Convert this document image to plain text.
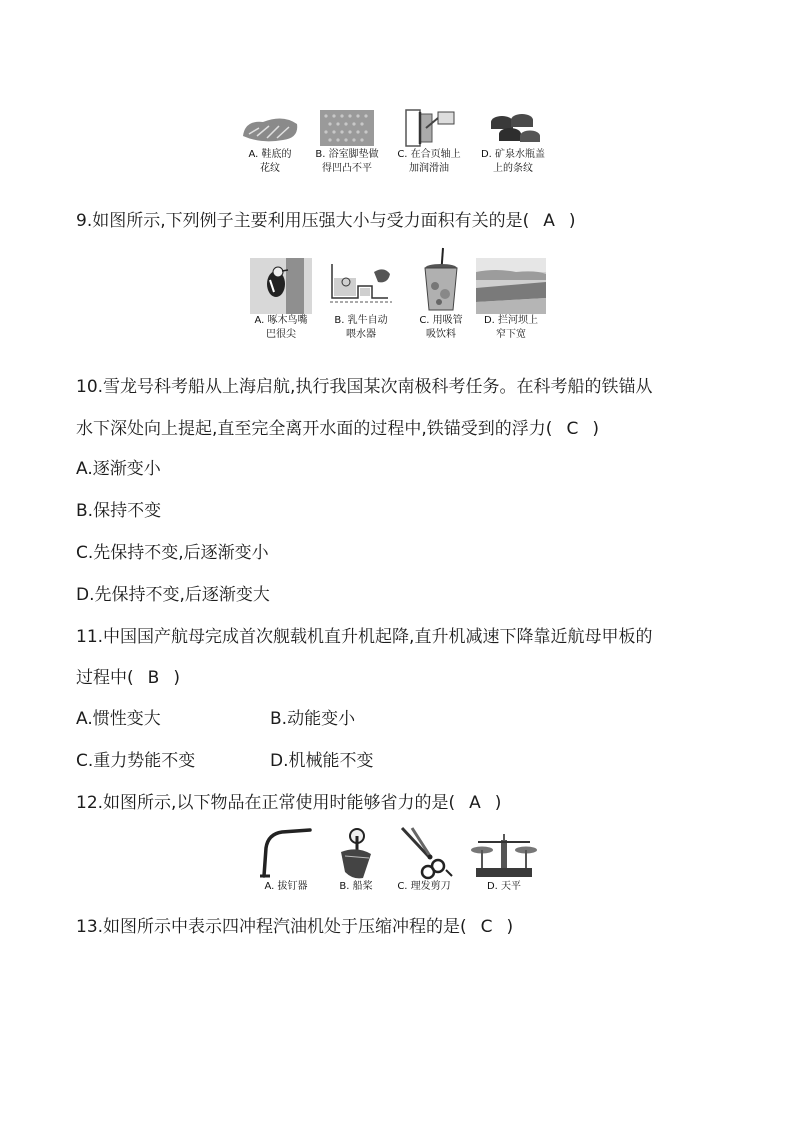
A. 鞋底的
花纹
B. 浴室脚垫做
得凹凸不平
C. 在合页轴上
加润滑油
D. 矿泉水瓶盖
上的条纹
9.如图所示,下列例子主要利用压强大小与受力面积有关的是( A )
A. 啄木鸟嘴
巴很尖
B. 乳牛自动
喂水器
C. 用吸管
吸饮料
D. 拦河坝上
窄下宽
10.雪龙号科考船从上海启航,执行我国某次南极科考任务。在科考船的铁锚从
水下深处向上提起,直至完全离开水面的过程中,铁锚受到的浮力( C )
A.逐渐变小
B.保持不变
C.先保持不变,后逐渐变小
D.先保持不变,后逐渐变大
11.中国国产航母完成首次舰载机直升机起降,直升机减速下降靠近航母甲板的
过程中( B )
A.惯性变大	B.动能变小
C.重力势能不变	D.机械能不变
12.如图所示,以下物品在正常使用时能够省力的是( A )
A. 拔钉器	B. 船桨	C. 理发剪刀	D. 天平
13.如图所示中表示四冲程汽油机处于压缩冲程的是( C )
